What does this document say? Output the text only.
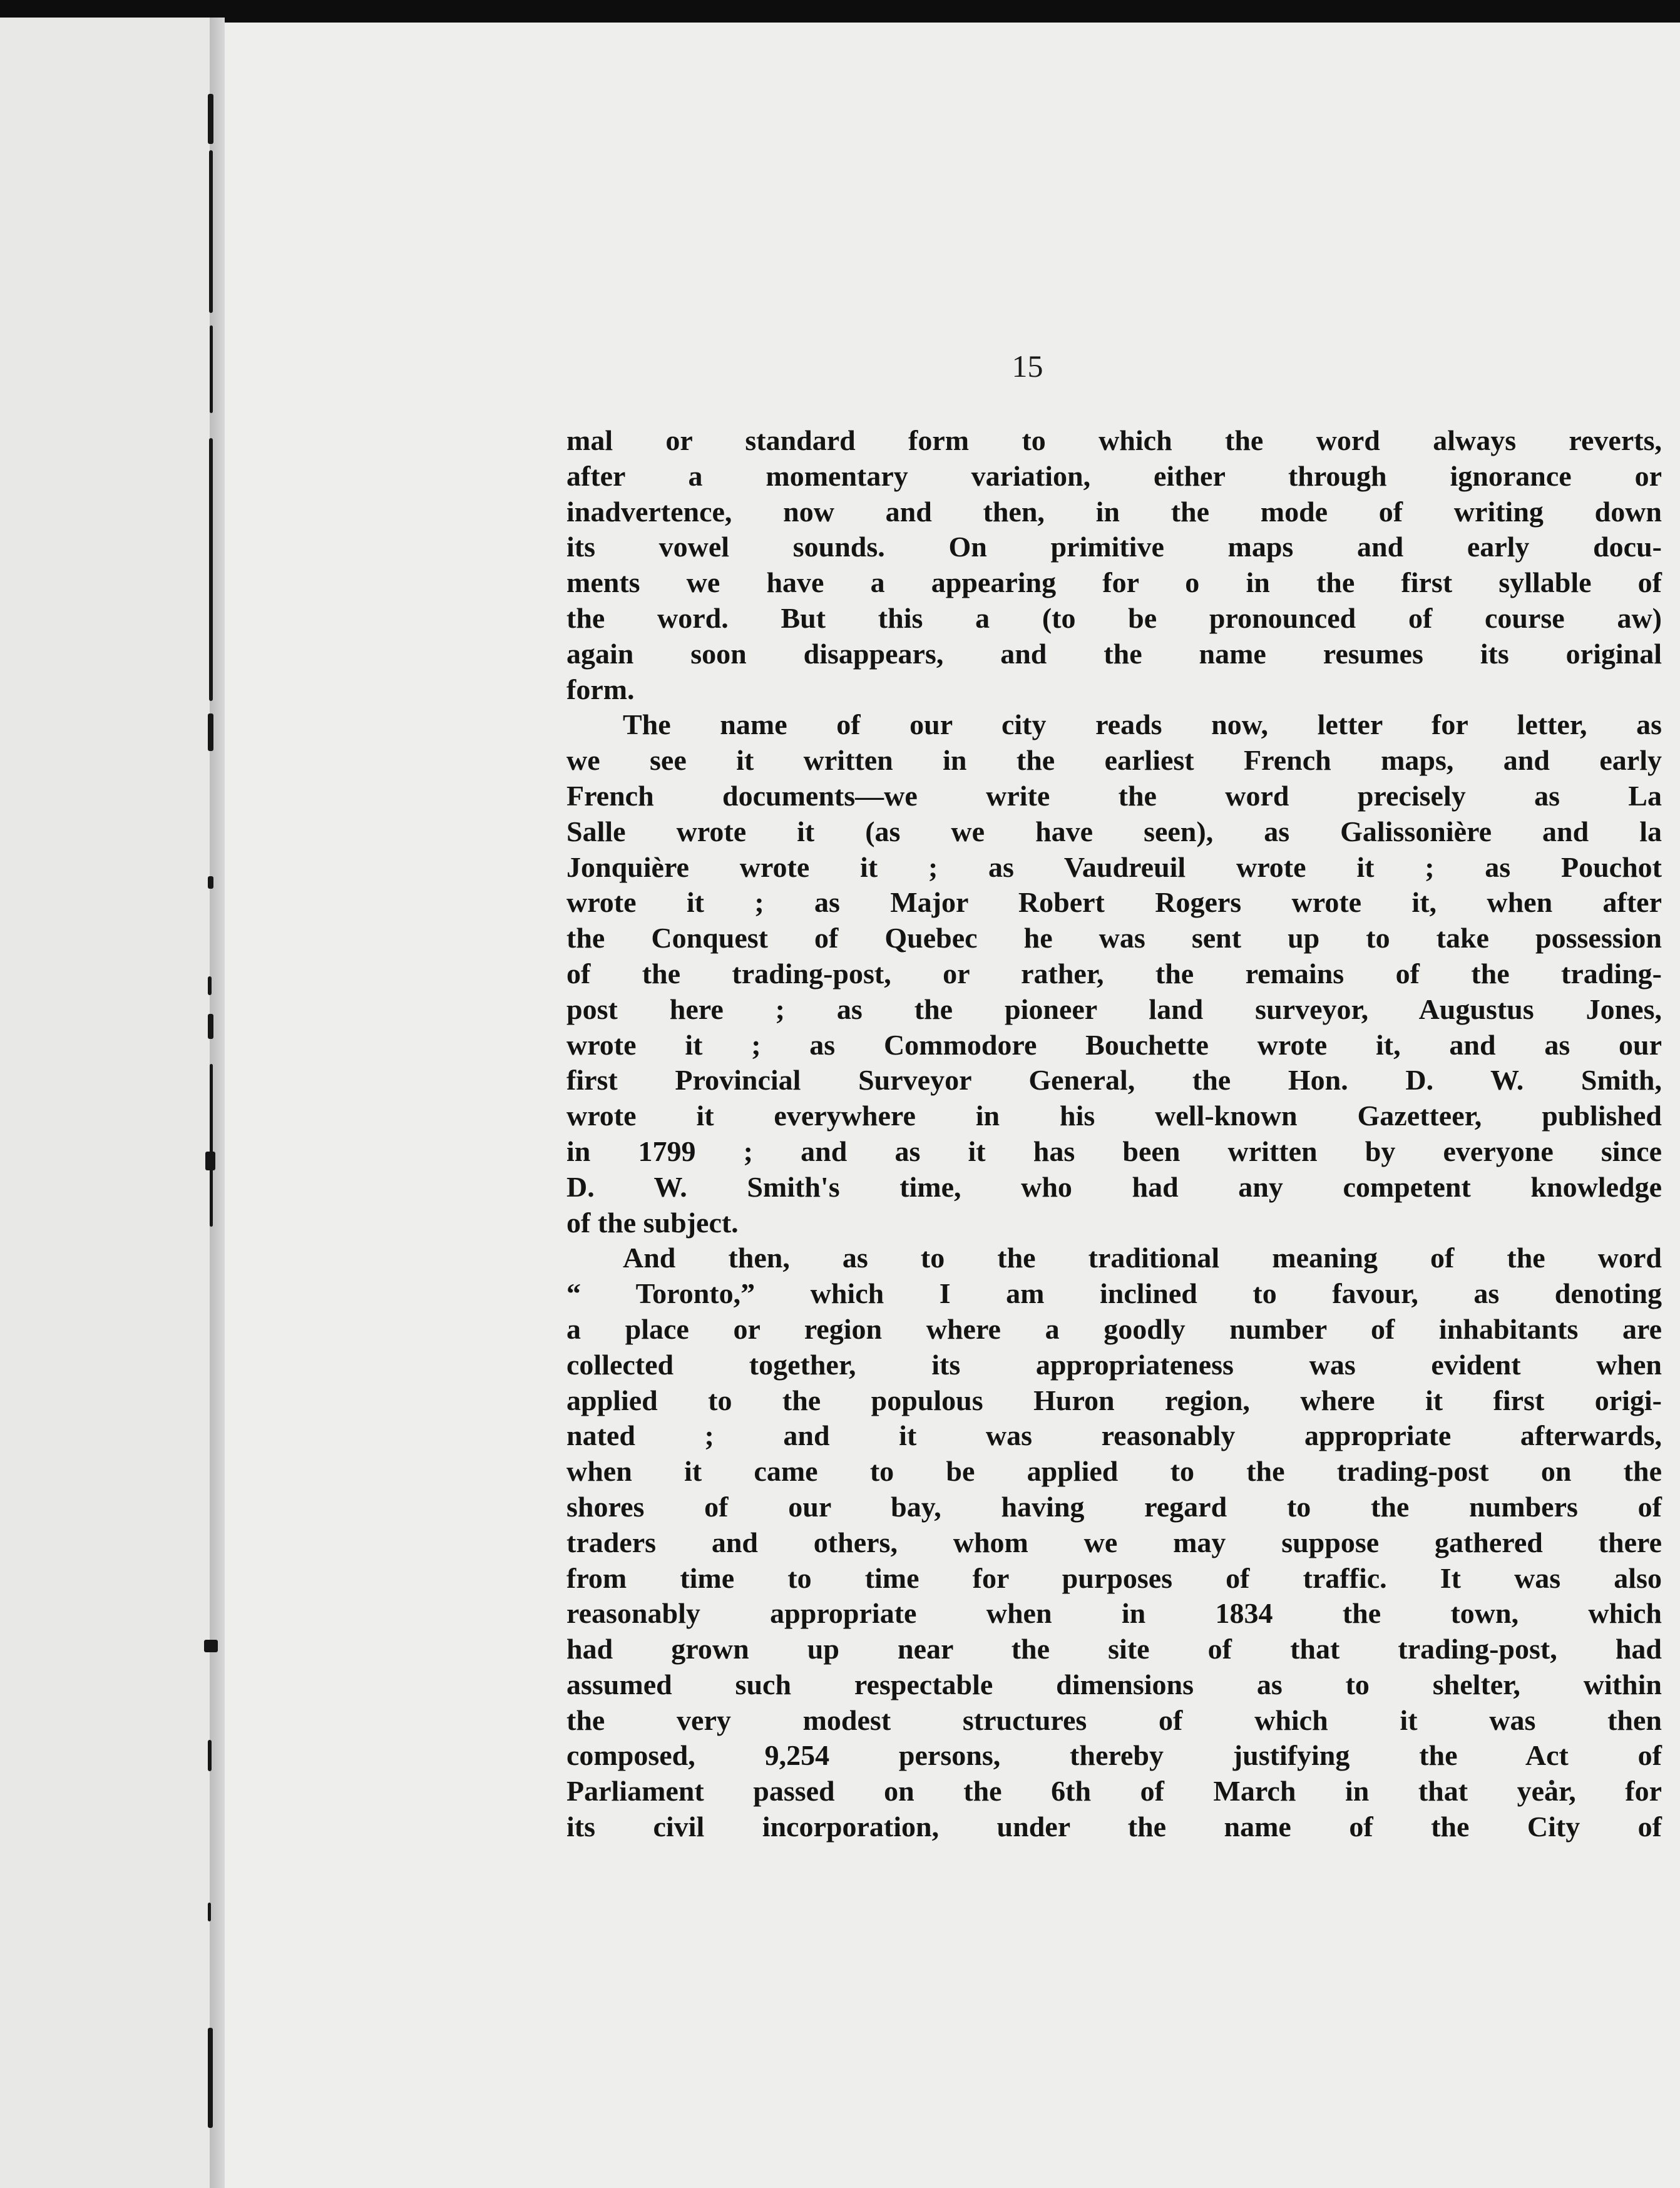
15
mal or standard form to which the word always reverts,
after a momentary variation, either through ignorance or
inadvertence, now and then, in the mode of writing down
its vowel sounds. On primitive maps and early docu-
ments we have a appearing for o in the first syllable of
the word. But this a (to be pronounced of course aw)
again soon disappears, and the name resumes its original
form.
The name of our city reads now, letter for letter, as
we see it written in the earliest French maps, and early
French documents—we write the word precisely as La
Salle wrote it (as we have seen), as Galissonière and la
Jonquière wrote it ; as Vaudreuil wrote it ; as Pouchot
wrote it ; as Major Robert Rogers wrote it, when after
the Conquest of Quebec he was sent up to take possession
of the trading-post, or rather, the remains of the trading-
post here ; as the pioneer land surveyor, Augustus Jones,
wrote it ; as Commodore Bouchette wrote it, and as our
first Provincial Surveyor General, the Hon. D. W. Smith,
wrote it everywhere in his well-known Gazetteer, published
in 1799 ; and as it has been written by everyone since
D. W. Smith's time, who had any competent knowledge
of the subject.
And then, as to the traditional meaning of the word
“ Toronto,” which I am inclined to favour, as denoting
a place or region where a goodly number of inhabitants are
collected together, its appropriateness was evident when
applied to the populous Huron region, where it first origi-
nated ; and it was reasonably appropriate afterwards,
when it came to be applied to the trading-post on the
shores of our bay, having regard to the numbers of
traders and others, whom we may suppose gathered there
from time to time for purposes of traffic. It was also
reasonably appropriate when in 1834 the town, which
had grown up near the site of that trading-post, had
assumed such respectable dimensions as to shelter, within
the very modest structures of which it was then
composed, 9,254 persons, thereby justifying the Act of
Parliament passed on the 6th of March in that year, for
its civil incorporation, under the name of the City of
